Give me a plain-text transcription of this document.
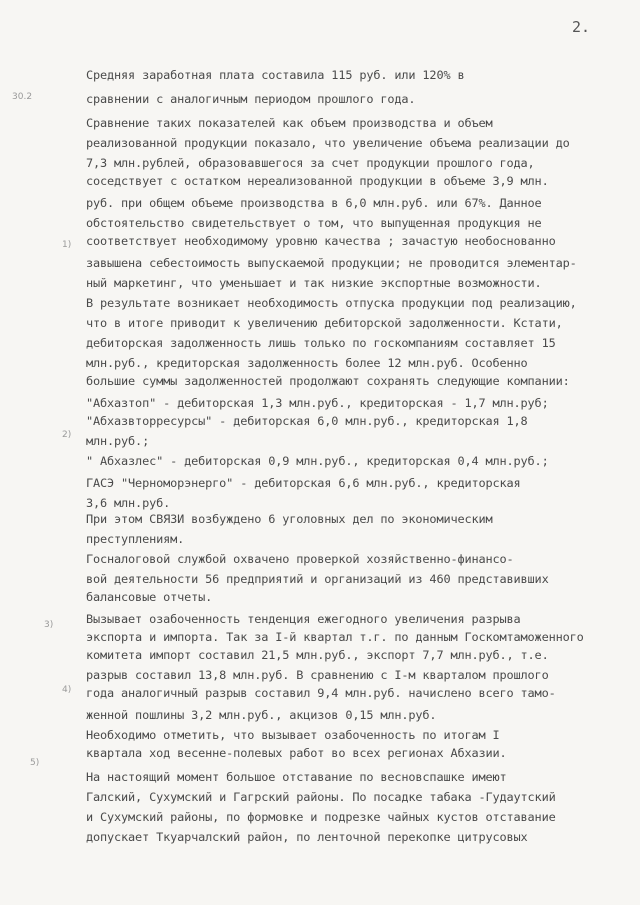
2.
30.2
1)
2)
3)
4)
5)
Средняя заработная плата составила 115 руб. или 120% в
сравнении с аналогичным периодом прошлого года.
Сравнение таких показателей как объем производства и объем
реализованной продукции показало, что увеличение объема реализации до
7,3 млн.рублей, образовавшегося за счет продукции прошлого года,
соседствует с остатком нереализованной продукции в объеме 3,9 млн.
руб. при общем объеме производства в 6,0 млн.руб. или 67%. Данное
обстоятельство свидетельствует о том, что выпущенная продукция не
соответствует необходимому уровню качества ; зачастую необоснованно
завышена себестоимость выпускаемой продукции; не проводится элементар-
ный маркетинг, что уменьшает и так низкие экспортные возможности.
В результате возникает необходимость отпуска продукции под реализацию,
что в итоге приводит к увеличению дебиторской задолженности. Кстати,
дебиторская задолженность лишь только по госкомпаниям составляет 15
млн.руб., кредиторская задолженность более 12 млн.руб. Особенно
большие суммы задолженностей продолжают сохранять следующие компании:
"Абхазтоп" - дебиторская 1,3 млн.руб., кредиторская - 1,7 млн.руб;
"Абхазвторресурсы" - дебиторская 6,0 млн.руб., кредиторская 1,8
млн.руб.;
" Абхазлес" - дебиторская 0,9 млн.руб., кредиторская 0,4 млн.руб.;
ГАСЭ "Черноморэнерго" - дебиторская 6,6 млн.руб., кредиторская
3,6 млн.руб.
При этом СВЯЗИ возбуждено 6 уголовных дел по экономическим
преступлениям.
Госналоговой службой охвачено проверкой хозяйственно-финансо-
вой деятельности 56 предприятий и организаций из 460 представивших
балансовые отчеты.
Вызывает озабоченность тенденция ежегодного увеличения разрыва
экспорта и импорта. Так за I-й квартал т.г. по данным Госкомтаможенного
комитета импорт составил 21,5 млн.руб., экспорт 7,7 млн.руб., т.е.
разрыв составил 13,8 млн.руб. В сравнению с I-м кварталом прошлого
года аналогичный разрыв составил 9,4 млн.руб. начислено всего тамо-
женной пошлины 3,2 млн.руб., акцизов 0,15 млн.руб.
Необходимо отметить, что вызывает озабоченность по итогам I
квартала ход весенне-полевых работ во всех регионах Абхазии.
На настоящий момент большое отставание по весновспашке имеют
Галский, Сухумский и Гагрский районы. По посадке табака -Гудаутский
и Сухумский районы, по формовке и подрезке чайных кустов отставание
допускает Ткуарчалский район, по ленточной перекопке цитрусовых
